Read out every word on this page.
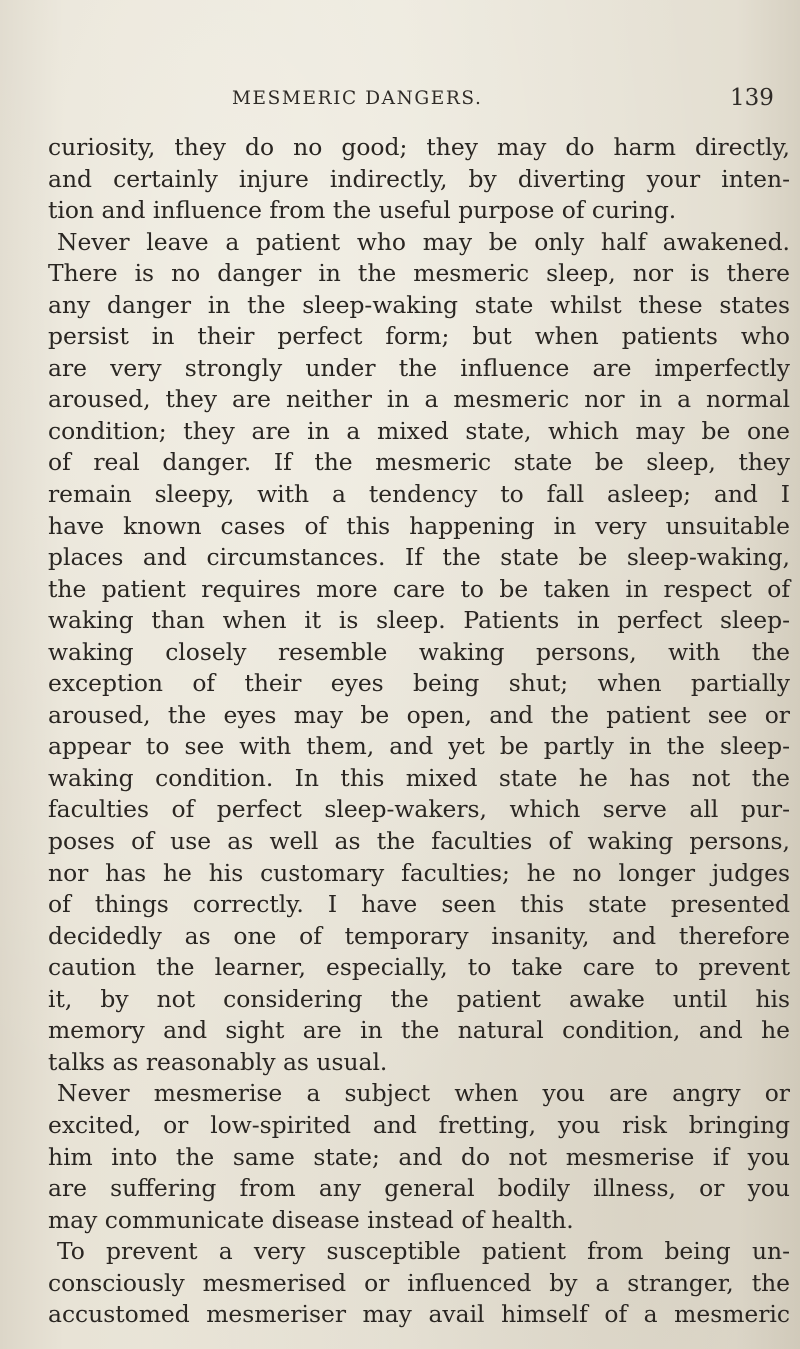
MESMERIC DANGERS.	139
curiosity, they do no good; they may do harm directly,
and certainly injure indirectly, by diverting your inten-
tion and influence from the useful purpose of curing.
Never leave a patient who may be only half awakened.
There is no danger in the mesmeric sleep, nor is there
any danger in the sleep-waking state whilst these states
persist in their perfect form; but when patients who
are very strongly under the influence are imperfectly
aroused, they are neither in a mesmeric nor in a normal
condition; they are in a mixed state, which may be one
of real danger. If the mesmeric state be sleep, they
remain sleepy, with a tendency to fall asleep; and I
have known cases of this happening in very unsuitable
places and circumstances. If the state be sleep-waking,
the patient requires more care to be taken in respect of
waking than when it is sleep. Patients in perfect sleep-
waking closely resemble waking persons, with the
exception of their eyes being shut; when partially
aroused, the eyes may be open, and the patient see or
appear to see with them, and yet be partly in the sleep-
waking condition. In this mixed state he has not the
faculties of perfect sleep-wakers, which serve all pur-
poses of use as well as the faculties of waking persons,
nor has he his customary faculties; he no longer judges
of things correctly. I have seen this state presented
decidedly as one of temporary insanity, and therefore
caution the learner, especially, to take care to prevent
it, by not considering the patient awake until his
memory and sight are in the natural condition, and he
talks as reasonably as usual.
Never mesmerise a subject when you are angry or
excited, or low-spirited and fretting, you risk bringing
him into the same state; and do not mesmerise if you
are suffering from any general bodily illness, or you
may communicate disease instead of health.
To prevent a very susceptible patient from being un-
consciously mesmerised or influenced by a stranger, the
accustomed mesmeriser may avail himself of a mesmeric
